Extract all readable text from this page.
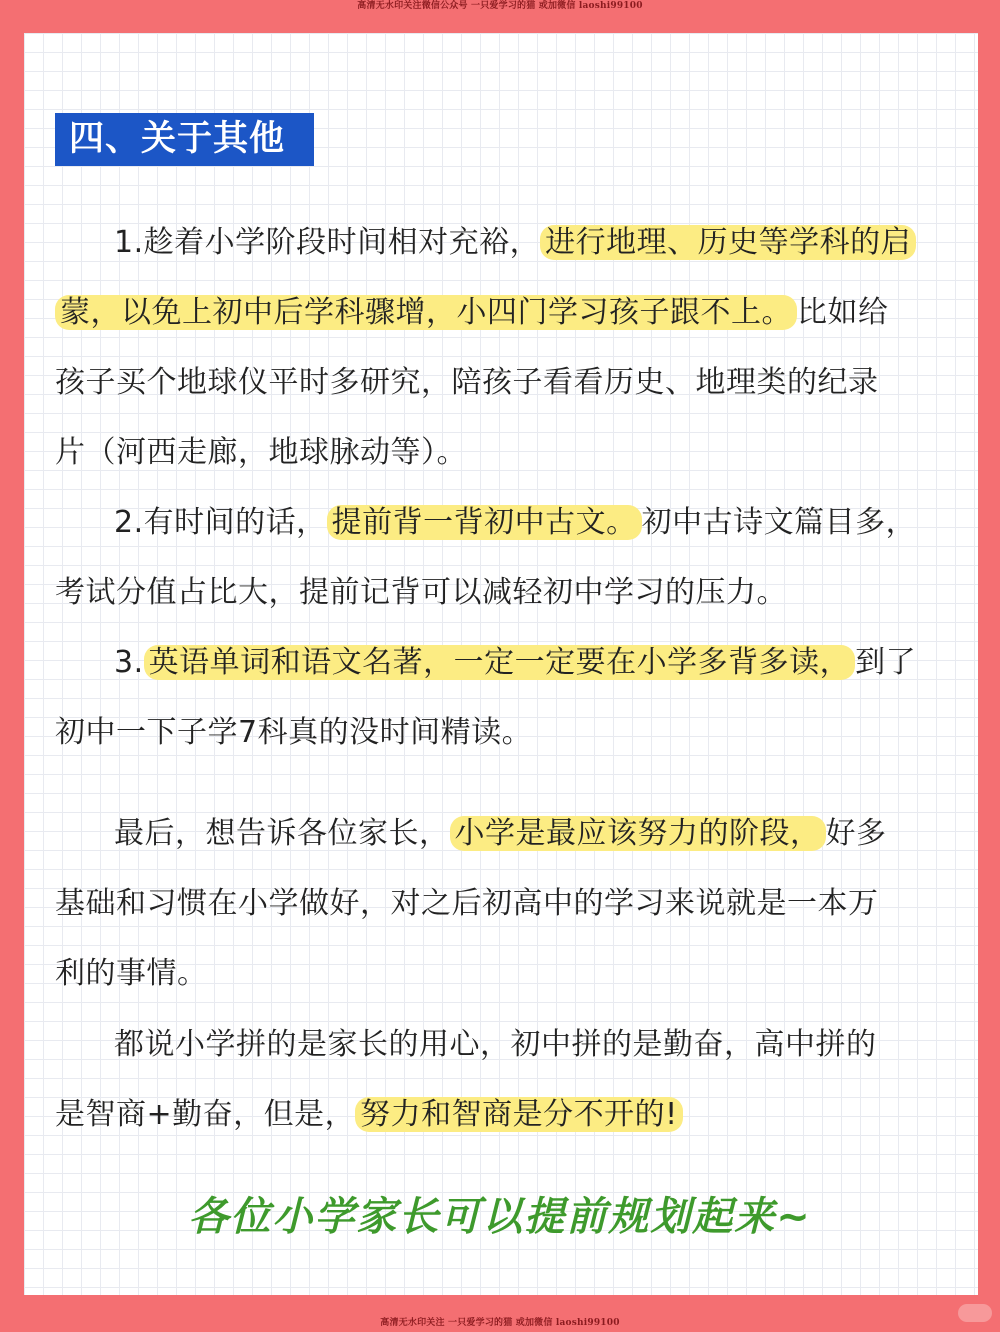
高清无水印关注微信公众号 一只爱学习的猫 或加微信 laoshi99100
四、关于其他
1.趁着小学阶段时间相对充裕， 进行地理、历史等学科的启
蒙，以免上初中后学科骤增，小四门学习孩子跟不上。 比如给
孩子买个地球仪平时多研究，陪孩子看看历史、地理类的纪录
片（河西走廊，地球脉动等）。
2.有时间的话， 提前背一背初中古文。 初中古诗文篇目多，
考试分值占比大，提前记背可以减轻初中学习的压力。
3. 英语单词和语文名著，一定一定要在小学多背多读， 到了
初中一下子学7科真的没时间精读。
最后，想告诉各位家长， 小学是最应该努力的阶段， 好多
基础和习惯在小学做好，对之后初高中的学习来说就是一本万
利的事情。
都说小学拼的是家长的用心，初中拼的是勤奋，高中拼的
是智商+勤奋，但是， 努力和智商是分不开的!
各位小学家长可以提前规划起来~
高清无水印关注 一只爱学习的猫 或加微信 laoshi99100
